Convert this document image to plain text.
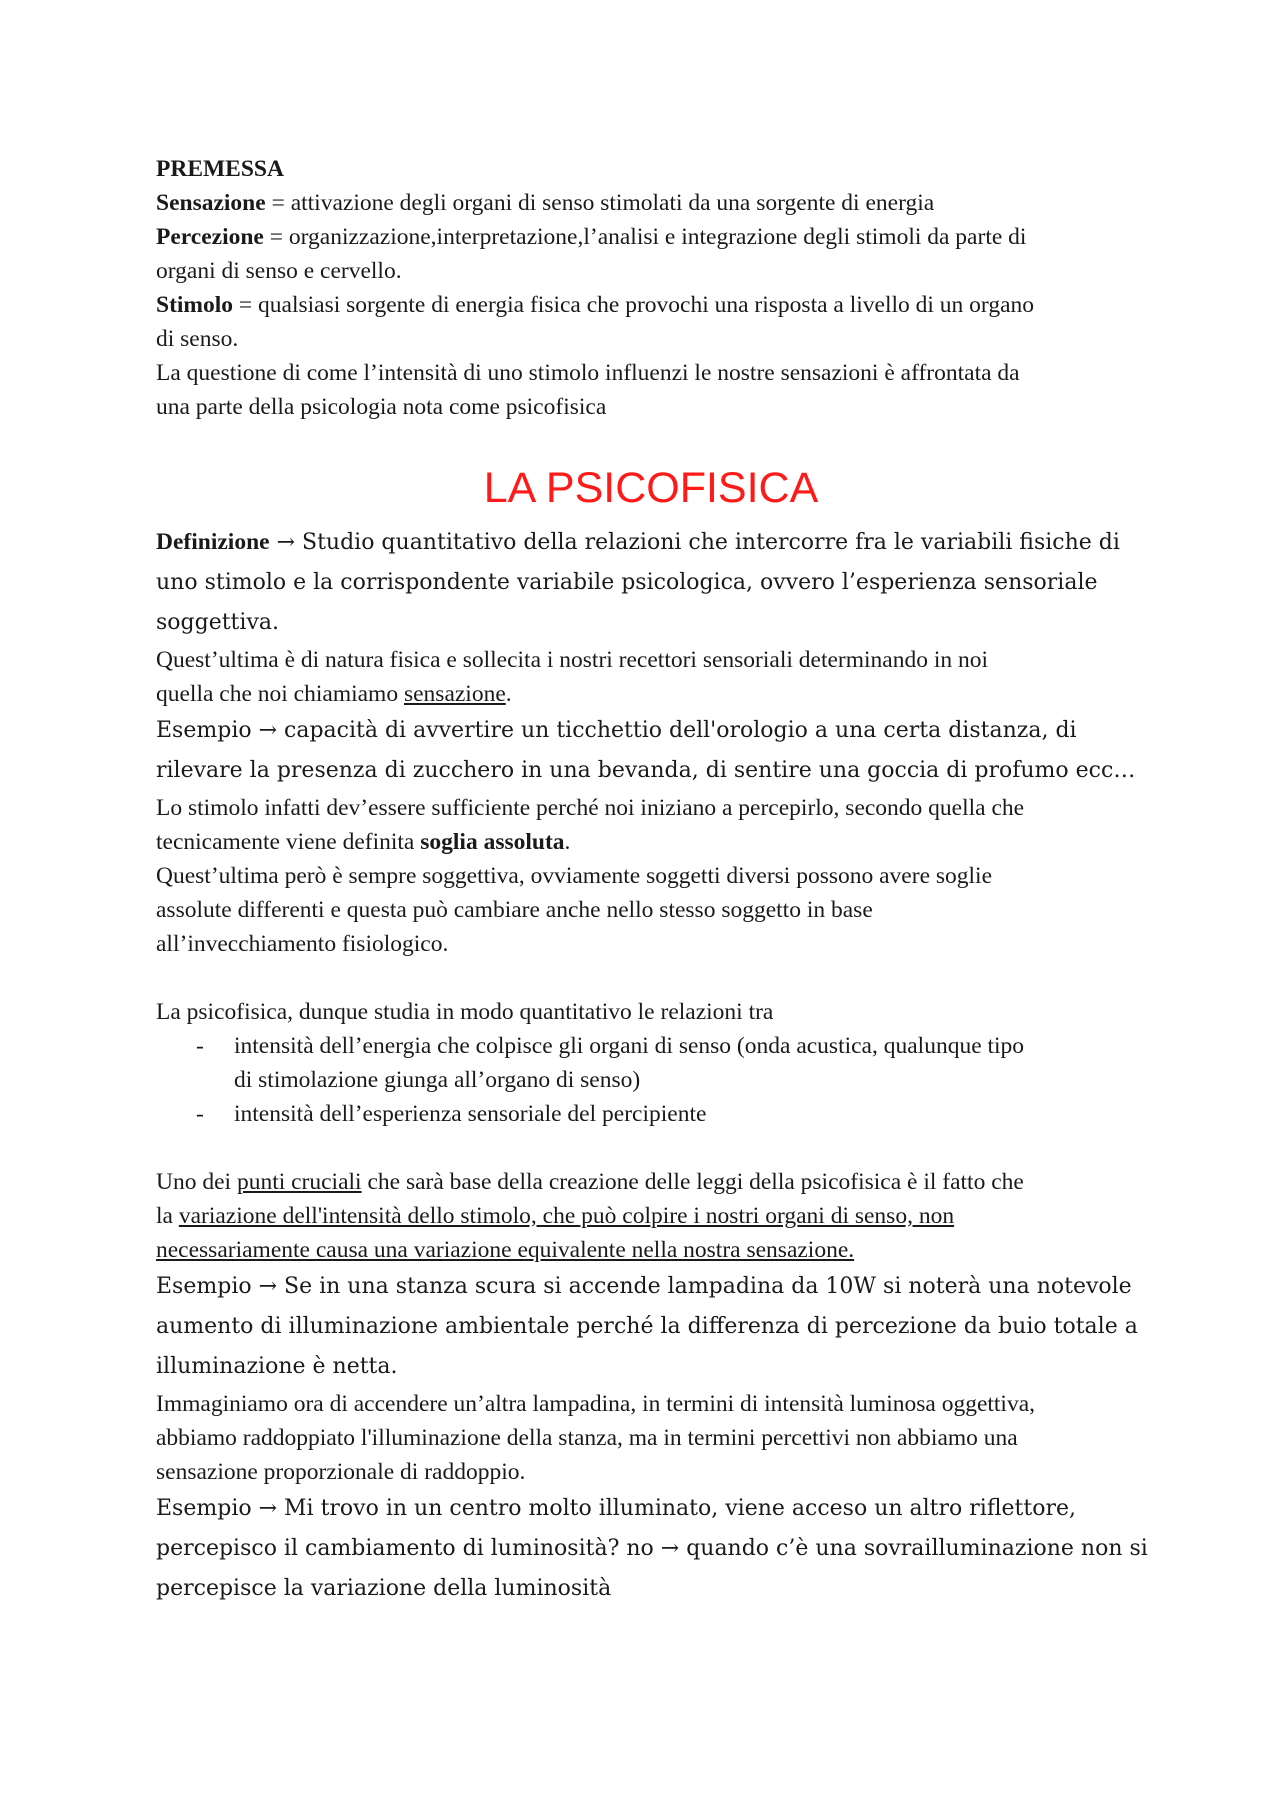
PREMESSA

Sensazione = attivazione degli organi di senso stimolati da una sorgente di energia

Percezione = organizzazione,interpretazione,l’analisi e integrazione degli stimoli da parte di

organi di senso e cervello.

Stimolo = qualsiasi sorgente di energia fisica che provochi una risposta a livello di un organo

di senso.

La questione di come l’intensità di uno stimolo influenzi le nostre sensazioni è affrontata da

una parte della psicologia nota come psicofisica

LA PSICOFISICA

Definizione → Studio quantitativo della relazioni che intercorre fra le variabili fisiche di

uno stimolo e la corrispondente variabile psicologica, ovvero l’esperienza sensoriale

soggettiva.

Quest’ultima è di natura fisica e sollecita i nostri recettori sensoriali determinando in noi

quella che noi chiamiamo sensazione.

Esempio → capacità di avvertire un ticchettio dell'orologio a una certa distanza, di

rilevare la presenza di zucchero in una bevanda, di sentire una goccia di profumo ecc…

Lo stimolo infatti dev’essere sufficiente perché noi iniziano a percepirlo, secondo quella che

tecnicamente viene definita soglia assoluta.

Quest’ultima però è sempre soggettiva, ovviamente soggetti diversi possono avere soglie

assolute differenti e questa può cambiare anche nello stesso soggetto in base

all’invecchiamento fisiologico.

La psicofisica, dunque studia in modo quantitativo le relazioni tra

- intensità dell’energia che colpisce gli organi di senso (onda acustica, qualunque tipo

di stimolazione giunga all’organo di senso)

- intensità dell’esperienza sensoriale del percipiente

Uno dei punti cruciali che sarà base della creazione delle leggi della psicofisica è il fatto che

la variazione dell'intensità dello stimolo, che può colpire i nostri organi di senso, non

necessariamente causa una variazione equivalente nella nostra sensazione.

Esempio → Se in una stanza scura si accende lampadina da 10W si noterà una notevole

aumento di illuminazione ambientale perché la differenza di percezione da buio totale a

illuminazione è netta.

Immaginiamo ora di accendere un’altra lampadina, in termini di intensità luminosa oggettiva,

abbiamo raddoppiato l'illuminazione della stanza, ma in termini percettivi non abbiamo una

sensazione proporzionale di raddoppio.

Esempio → Mi trovo in un centro molto illuminato, viene acceso un altro riflettore,

percepisco il cambiamento di luminosità? no → quando c’è una sovrailluminazione non si

percepisce la variazione della luminosità
